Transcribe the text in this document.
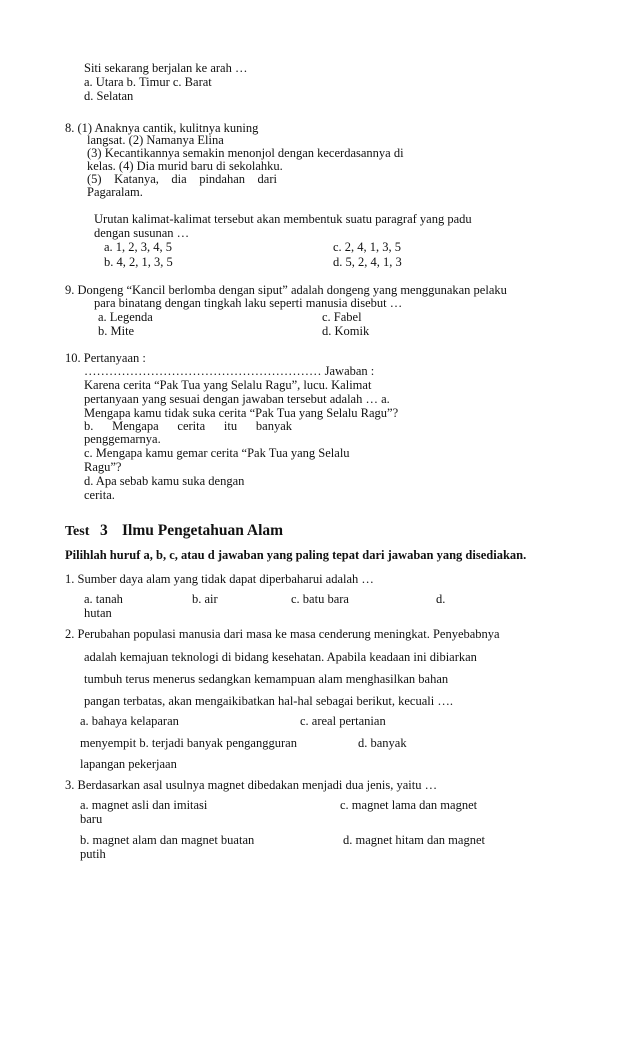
Siti sekarang berjalan ke arah …
a. Utara b. Timur c. Barat
d. Selatan
8. (1) Anaknya cantik, kulitnya kuning
langsat. (2) Namanya Elina
(3) Kecantikannya semakin menonjol dengan kecerdasannya di
kelas. (4) Dia murid baru di sekolahku.
(5) Katanya, dia pindahan dari
Pagaralam.
Urutan kalimat-kalimat tersebut akan membentuk suatu paragraf yang padu
dengan susunan …
a. 1, 2, 3, 4, 5	c. 2, 4, 1, 3, 5
b. 4, 2, 1, 3, 5	d. 5, 2, 4, 1, 3
9. Dongeng “Kancil berlomba dengan siput” adalah dongeng yang menggunakan pelaku
para binatang dengan tingkah laku seperti manusia disebut …
a. Legenda	c. Fabel
b. Mite	d. Komik
10. Pertanyaan :
………………………………………………… Jawaban :
Karena cerita “Pak Tua yang Selalu Ragu”, lucu. Kalimat
pertanyaan yang sesuai dengan jawaban tersebut adalah … a.
Mengapa kamu tidak suka cerita “Pak Tua yang Selalu Ragu”?
b. Mengapa cerita itu banyak
penggemarnya.
c. Mengapa kamu gemar cerita “Pak Tua yang Selalu
Ragu”?
d. Apa sebab kamu suka dengan
cerita.
Test 3 Ilmu Pengetahuan Alam
Pilihlah huruf a, b, c, atau d jawaban yang paling tepat dari jawaban yang disediakan.
1. Sumber daya alam yang tidak dapat diperbaharui adalah …
a. tanah	b. air	c. batu bara	d.
hutan
2. Perubahan populasi manusia dari masa ke masa cenderung meningkat. Penyebabnya
adalah kemajuan teknologi di bidang kesehatan. Apabila keadaan ini dibiarkan
tumbuh terus menerus sedangkan kemampuan alam menghasilkan bahan
pangan terbatas, akan mengaikibatkan hal-hal sebagai berikut, kecuali ….
a. bahaya kelaparan	c. areal pertanian
menyempit b. terjadi banyak pengangguran	d. banyak
lapangan pekerjaan
3. Berdasarkan asal usulnya magnet dibedakan menjadi dua jenis, yaitu …
a. magnet asli dan imitasi	c. magnet lama dan magnet
baru
b. magnet alam dan magnet buatan	d. magnet hitam dan magnet
putih
